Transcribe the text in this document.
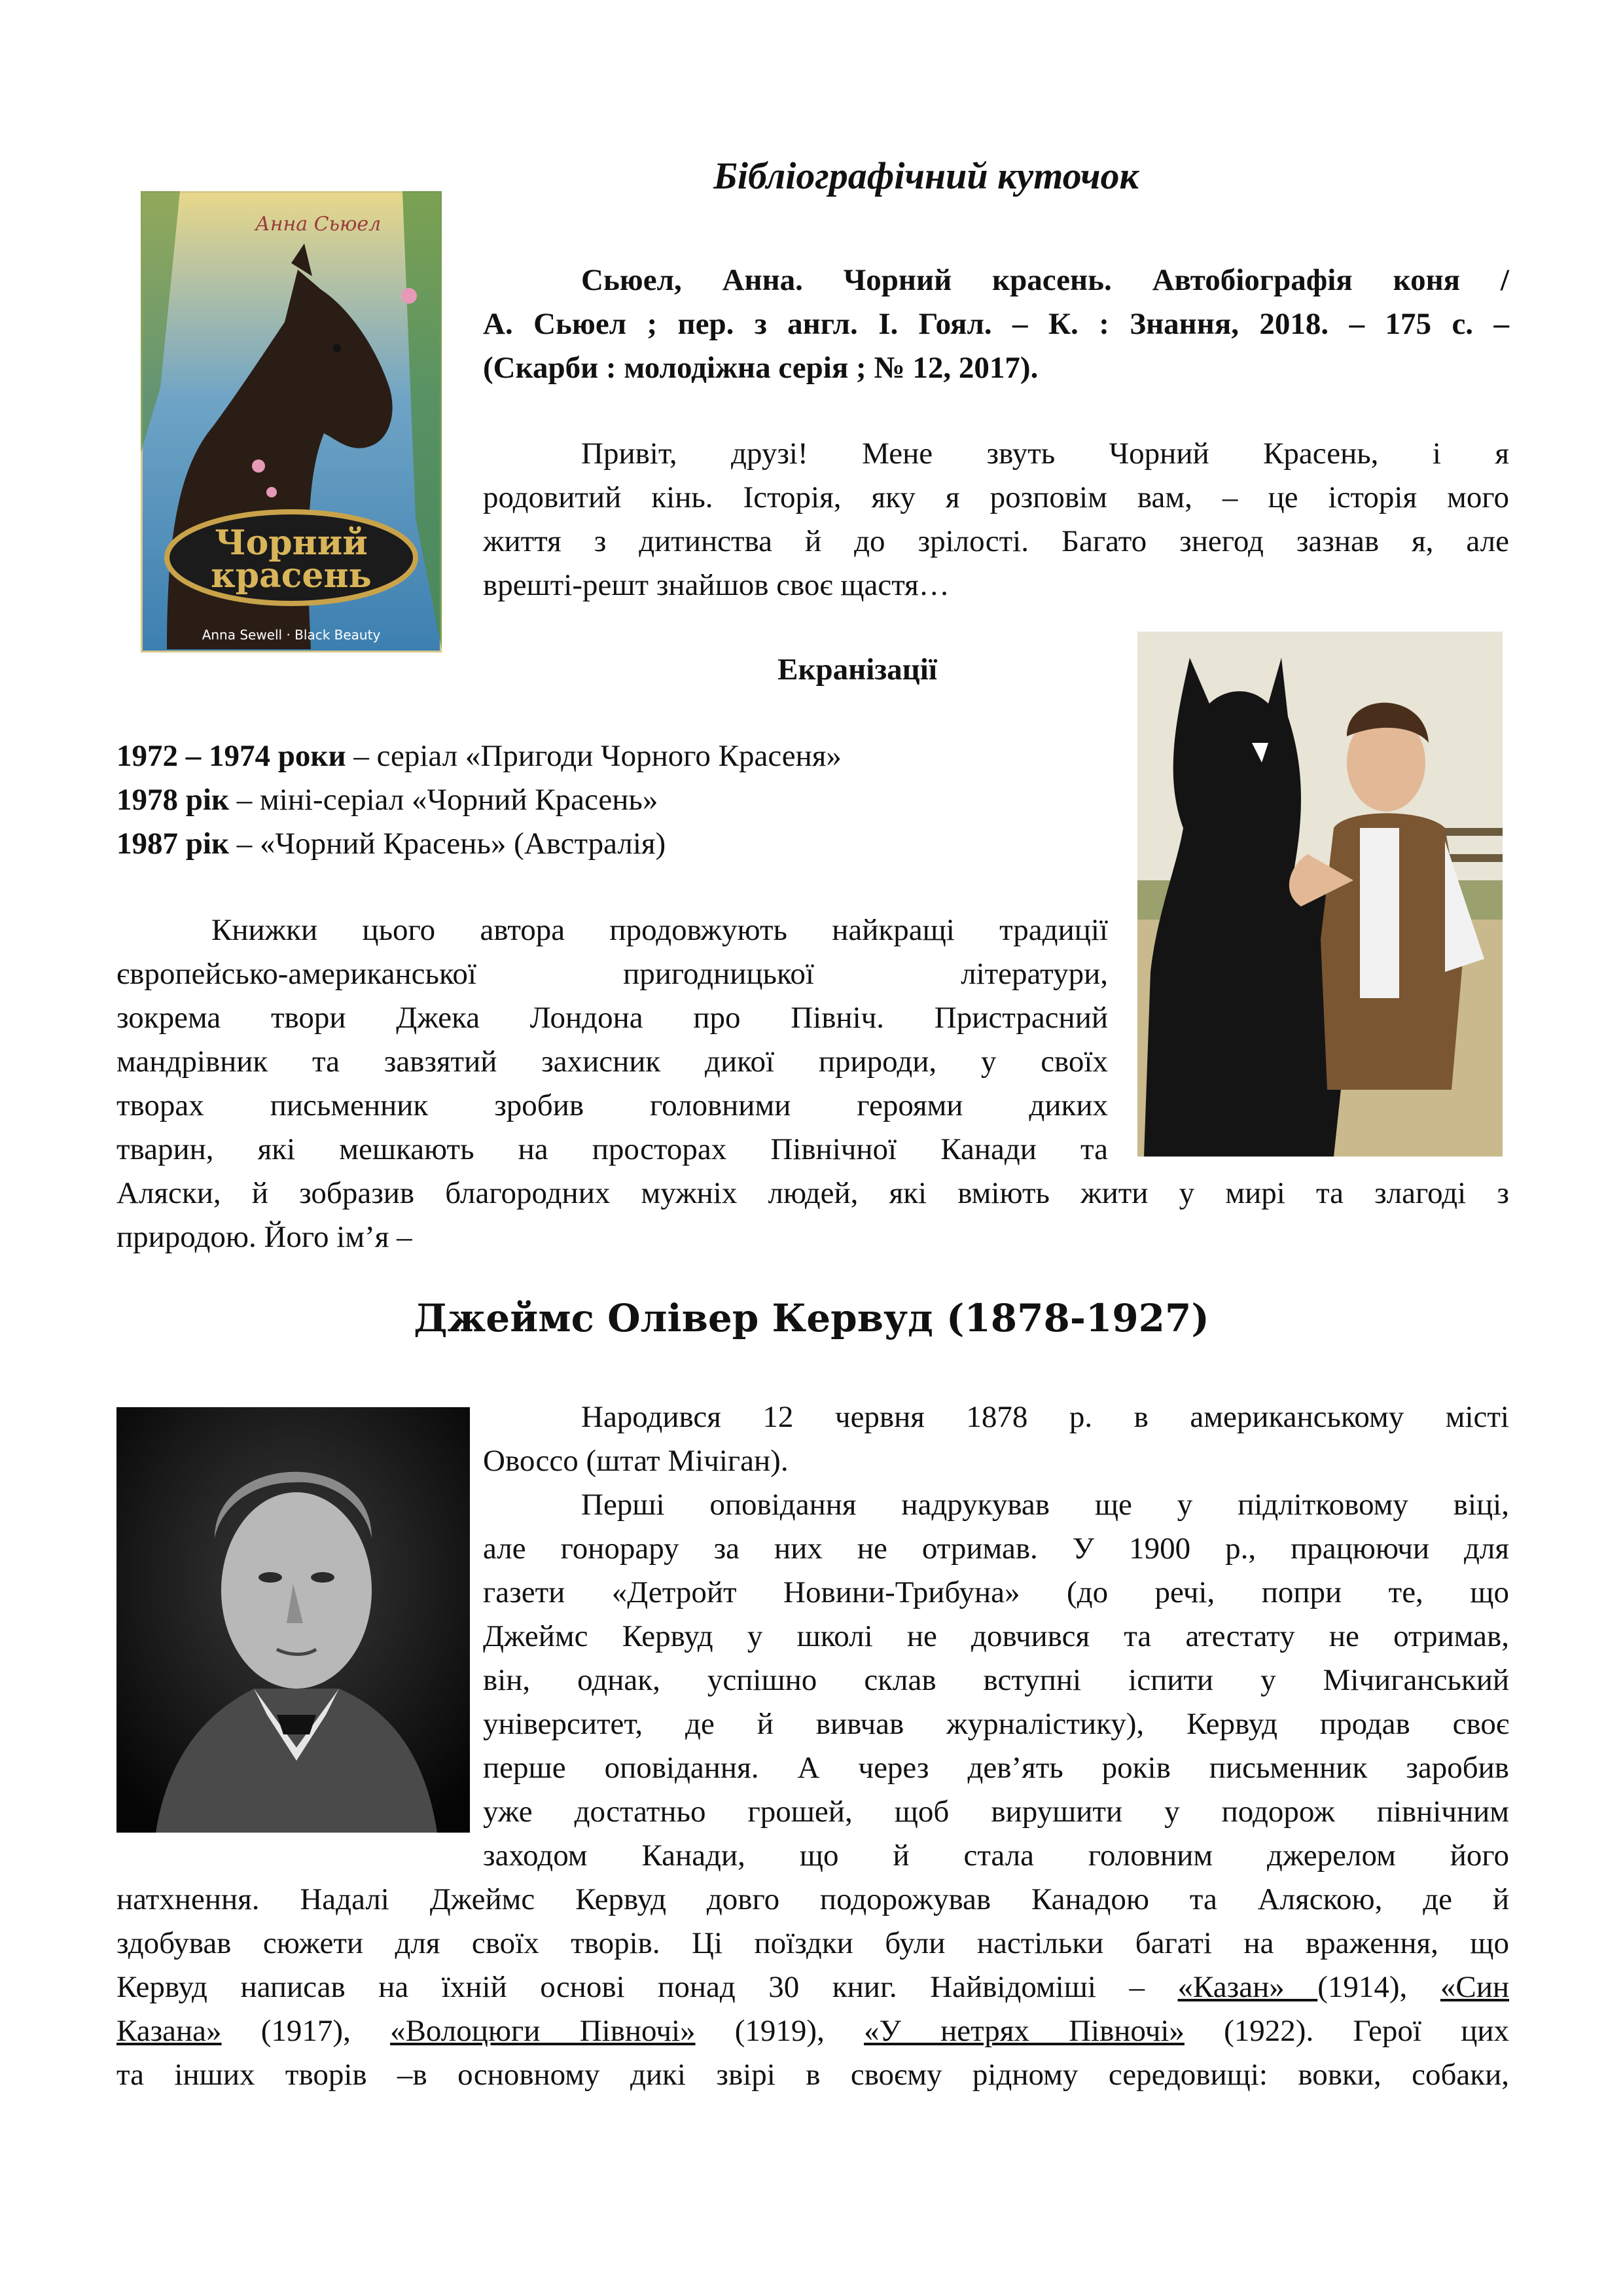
Бібліографічний куточок
Анна Сьюел
Чорний
красень
Anna Sewell · Black Beauty
Сьюел, Анна. Чорний красень. Автобіографія коня /
А. Сьюел ; пер. з англ. І. Гоял. – К. : Знання, 2018. – 175 с. –
(Скарби : молодіжна серія ; № 12, 2017).
Привіт, друзі! Мене звуть Чорний Красень, і я
родовитий кінь. Історія, яку я розповім вам, – це історія мого
життя з дитинства й до зрілості. Багато знегод зазнав я, але
врешті-решт знайшов своє щастя…
Екранізації
1972 – 1974 роки – серіал «Пригоди Чорного Красеня»
1978 рік – міні-серіал «Чорний Красень»
1987 рік – «Чорний Красень» (Австралія)
Книжки цього автора продовжують найкращі традиції
європейсько-американської пригодницької літератури,
зокрема твори Джека Лондона про Північ. Пристрасний
мандрівник та завзятий захисник дикої природи, у своїх
творах письменник зробив головними героями диких
тварин, які мешкають на просторах Північної Канади та
Аляски, й зобразив благородних мужніх людей, які вміють жити у мирі та злагоді з
природою. Його ім’я –
Джеймс Олівер Кервуд (1878-1927)
Народився 12 червня 1878 р. в американському місті
Овоссо (штат Мічіган).
Перші оповідання надрукував ще у підлітковому віці,
але гонорару за них не отримав. У 1900 р., працюючи для
газети «Детройт Новини-Трибуна» (до речі, попри те, що
Джеймс Кервуд у школі не довчився та атестату не отримав,
він, однак, успішно склав вступні іспити у Мічиганський
університет, де й вивчав журналістику), Кервуд продав своє
перше оповідання. А через дев’ять років письменник заробив
уже достатньо грошей, щоб вирушити у подорож північним
заходом Канади, що й стала головним джерелом його
натхнення. Надалі Джеймс Кервуд довго подорожував Канадою та Аляскою, де й
здобував сюжети для своїх творів. Ці поїздки були настільки багаті на враження, що
Кервуд написав на їхній основі понад 30 книг. Найвідоміші – «Казан» (1914), «Син
Казана» (1917), «Волоцюги Півночі» (1919), «У нетрях Півночі» (1922). Герої цих
та інших творів –в основному дикі звірі в своєму рідному середовищі: вовки, собаки,
